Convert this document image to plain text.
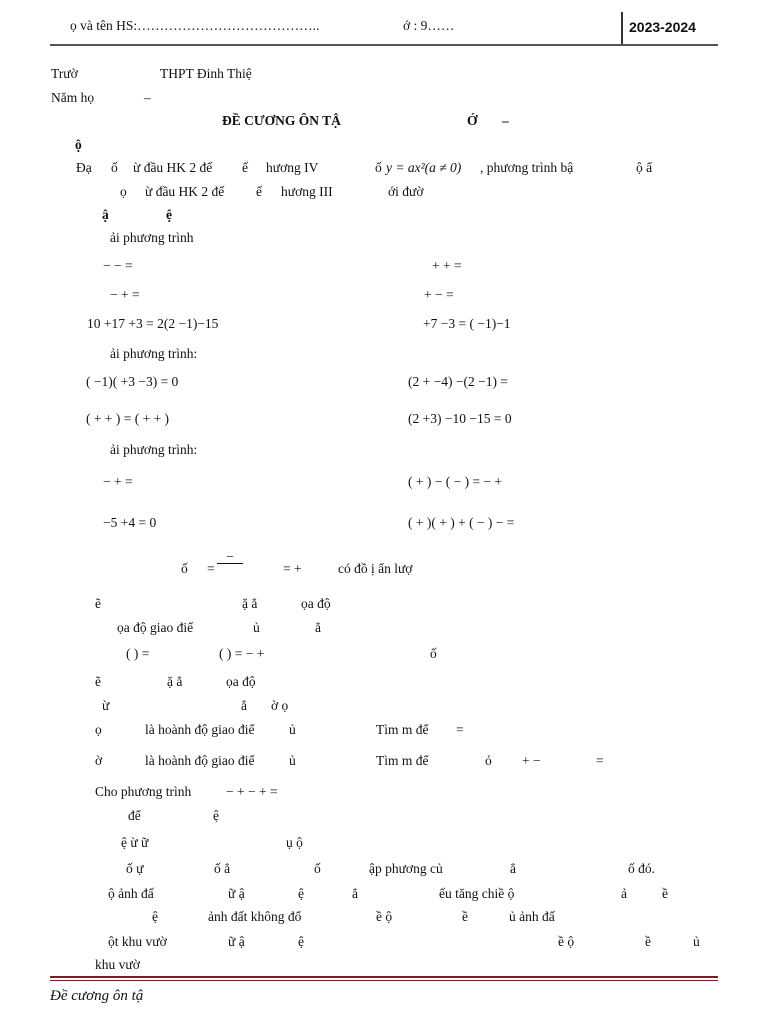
ọ và tên HS:…………………………………..	ớ : 9……	2023-2024
Trườ	THPT Đinh Thiệ
Năm họ	–
ĐỀ CƯƠNG ÔN TẬ	Ớ –
ộ
Đạ ố ừ đầu HK 2 đế ế hương IV	ố y = ax²(a ≠ 0) , phương trình bậ	ộ ẩ
ọ ừ đầu HK 2 đế ế hương III	ới đườ
ậ	ệ
ải phương trình
− − =	+ + =
− + =	+ − =
10 +17 +3 = 2(2 −1)−15	+7 −3 = ( −1)−1
ải phương trình:
( −1)( +3 −3) = 0	(2 + −4) −(2 −1) =
( + + ) = ( + + )	(2 +3) −10 −15 = 0
ải phương trình:
− + =	( + ) − ( − ) = − +
−5 +4 = 0	( + )( + ) + ( − ) − =
ố =
−

= +	có đồ ị ẩn lượ
ẽ	ặ ẳ	ọa độ
ọa độ giao điể	ủ	ẳ
( ) =	( ) = − +	ố
ẽ	ặ ẳ	ọa độ
ừ	ẳ ờ ọ
ọ	là hoành độ giao điể	ủ	Tìm m để =
ờ	là hoành độ giao điể	ủ	Tìm m để	ỏ + −	=
Cho phương trình	− + − + =
để	ệ
ệ ừ ữ	ụ ộ
ố ự	ố ẳ	ố	ập phương củ	ẳ	ố đó.
ộ ảnh đấ	ữ ậ	ệ	ẳ	ếu tăng chiề ộ	ả	ề
ệ	ảnh đất không đổ	ề ộ	ề	ủ ảnh đấ
ột khu vườ	ữ ậ	ệ	ề ộ	ề	ủ
khu vườ
Đề cương ôn tậ
